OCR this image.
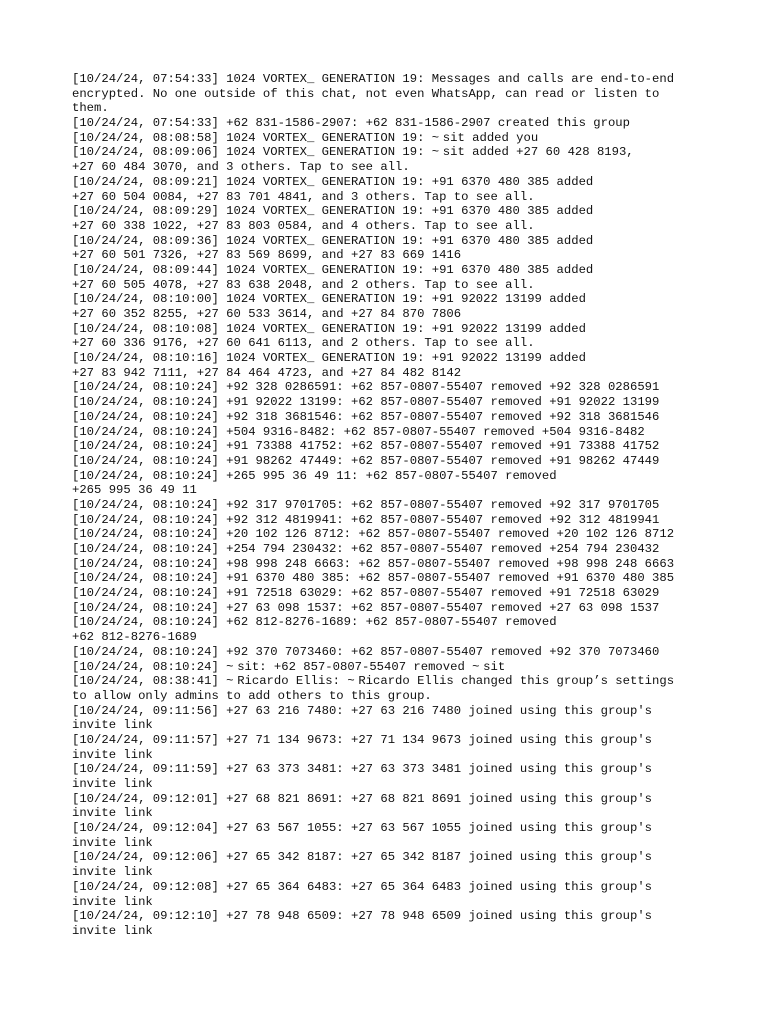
[10/24/24, 07:54:33] 1024 VORTEX_ GENERATION 19: Messages and calls are end-to-end
encrypted. No one outside of this chat, not even WhatsApp, can read or listen to
them.
[10/24/24, 07:54:33] +62 831-1586-2907: +62 831-1586-2907 created this group
[10/24/24, 08:08:58] 1024 VORTEX_ GENERATION 19: ~ sit added you
[10/24/24, 08:09:06] 1024 VORTEX_ GENERATION 19: ~ sit added +27 60 428 8193,
+27 60 484 3070, and 3 others. Tap to see all.
[10/24/24, 08:09:21] 1024 VORTEX_ GENERATION 19: +91 6370 480 385 added
+27 60 504 0084, +27 83 701 4841, and 3 others. Tap to see all.
[10/24/24, 08:09:29] 1024 VORTEX_ GENERATION 19: +91 6370 480 385 added
+27 60 338 1022, +27 83 803 0584, and 4 others. Tap to see all.
[10/24/24, 08:09:36] 1024 VORTEX_ GENERATION 19: +91 6370 480 385 added
+27 60 501 7326, +27 83 569 8699, and +27 83 669 1416
[10/24/24, 08:09:44] 1024 VORTEX_ GENERATION 19: +91 6370 480 385 added
+27 60 505 4078, +27 83 638 2048, and 2 others. Tap to see all.
[10/24/24, 08:10:00] 1024 VORTEX_ GENERATION 19: +91 92022 13199 added
+27 60 352 8255, +27 60 533 3614, and +27 84 870 7806
[10/24/24, 08:10:08] 1024 VORTEX_ GENERATION 19: +91 92022 13199 added
+27 60 336 9176, +27 60 641 6113, and 2 others. Tap to see all.
[10/24/24, 08:10:16] 1024 VORTEX_ GENERATION 19: +91 92022 13199 added
+27 83 942 7111, +27 84 464 4723, and +27 84 482 8142
[10/24/24, 08:10:24] +92 328 0286591: +62 857-0807-55407 removed +92 328 0286591
[10/24/24, 08:10:24] +91 92022 13199: +62 857-0807-55407 removed +91 92022 13199
[10/24/24, 08:10:24] +92 318 3681546: +62 857-0807-55407 removed +92 318 3681546
[10/24/24, 08:10:24] +504 9316-8482: +62 857-0807-55407 removed +504 9316-8482
[10/24/24, 08:10:24] +91 73388 41752: +62 857-0807-55407 removed +91 73388 41752
[10/24/24, 08:10:24] +91 98262 47449: +62 857-0807-55407 removed +91 98262 47449
[10/24/24, 08:10:24] +265 995 36 49 11: +62 857-0807-55407 removed
+265 995 36 49 11
[10/24/24, 08:10:24] +92 317 9701705: +62 857-0807-55407 removed +92 317 9701705
[10/24/24, 08:10:24] +92 312 4819941: +62 857-0807-55407 removed +92 312 4819941
[10/24/24, 08:10:24] +20 102 126 8712: +62 857-0807-55407 removed +20 102 126 8712
[10/24/24, 08:10:24] +254 794 230432: +62 857-0807-55407 removed +254 794 230432
[10/24/24, 08:10:24] +98 998 248 6663: +62 857-0807-55407 removed +98 998 248 6663
[10/24/24, 08:10:24] +91 6370 480 385: +62 857-0807-55407 removed +91 6370 480 385
[10/24/24, 08:10:24] +91 72518 63029: +62 857-0807-55407 removed +91 72518 63029
[10/24/24, 08:10:24] +27 63 098 1537: +62 857-0807-55407 removed +27 63 098 1537
[10/24/24, 08:10:24] +62 812-8276-1689: +62 857-0807-55407 removed
+62 812-8276-1689
[10/24/24, 08:10:24] +92 370 7073460: +62 857-0807-55407 removed +92 370 7073460
[10/24/24, 08:10:24] ~ sit: +62 857-0807-55407 removed ~ sit
[10/24/24, 08:38:41] ~ Ricardo Ellis: ~ Ricardo Ellis changed this group’s settings
to allow only admins to add others to this group.
[10/24/24, 09:11:56] +27 63 216 7480: +27 63 216 7480 joined using this group's
invite link
[10/24/24, 09:11:57] +27 71 134 9673: +27 71 134 9673 joined using this group's
invite link
[10/24/24, 09:11:59] +27 63 373 3481: +27 63 373 3481 joined using this group's
invite link
[10/24/24, 09:12:01] +27 68 821 8691: +27 68 821 8691 joined using this group's
invite link
[10/24/24, 09:12:04] +27 63 567 1055: +27 63 567 1055 joined using this group's
invite link
[10/24/24, 09:12:06] +27 65 342 8187: +27 65 342 8187 joined using this group's
invite link
[10/24/24, 09:12:08] +27 65 364 6483: +27 65 364 6483 joined using this group's
invite link
[10/24/24, 09:12:10] +27 78 948 6509: +27 78 948 6509 joined using this group's
invite link
